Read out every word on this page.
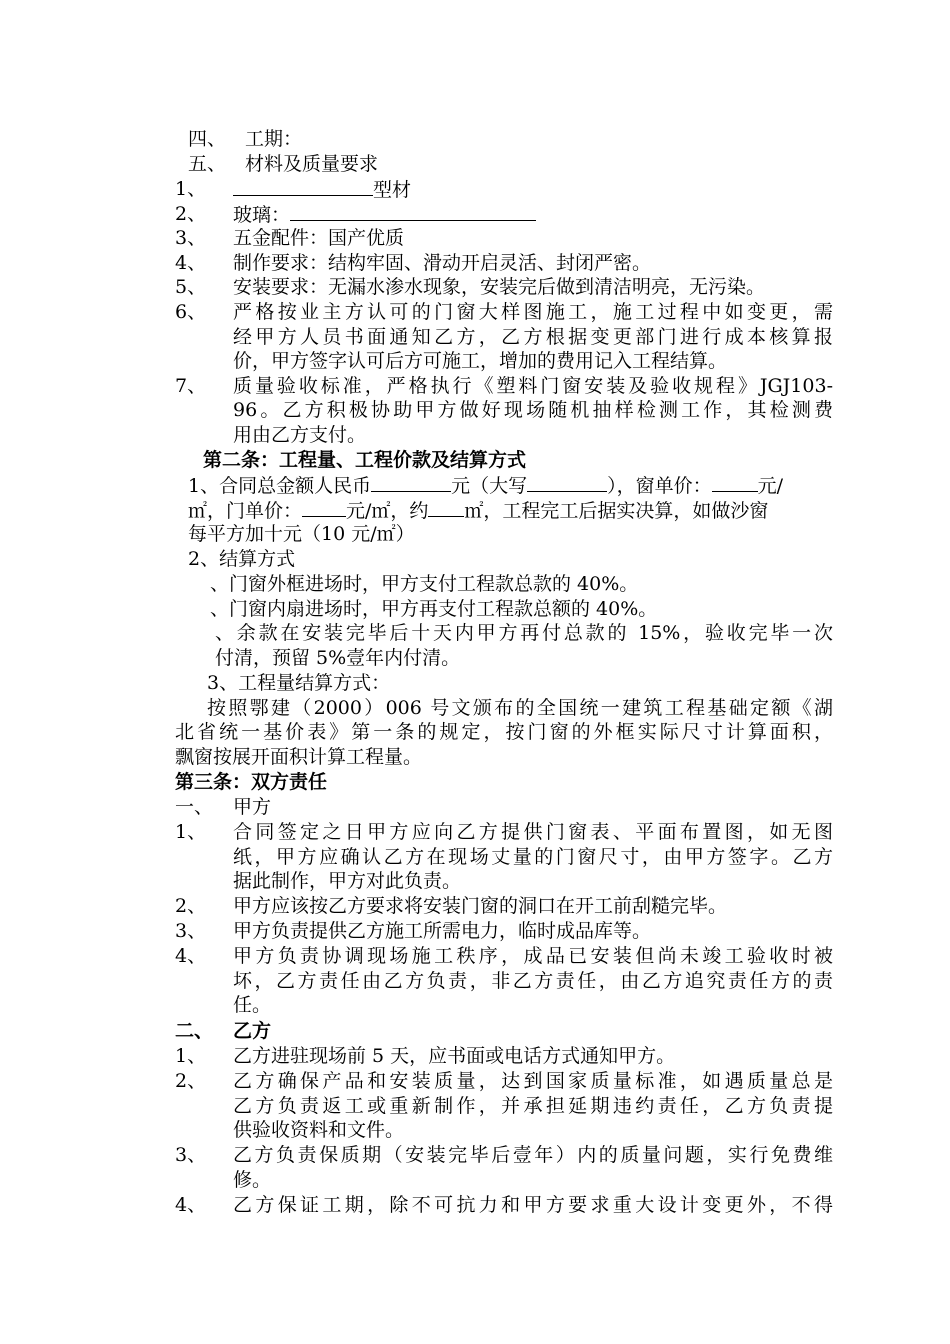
四、 工期：
五、 材料及质量要求
1、	型材
2、 玻璃：
3、 五金配件：国产优质
4、 制作要求：结构牢固、滑动开启灵活、封闭严密。
5、 安装要求：无漏水渗水现象，安装完后做到清洁明亮，无污染。
6、 严格按业主方认可的门窗大样图施工，施工过程中如变更，需
经甲方人员书面通知乙方，乙方根据变更部门进行成本核算报
价，甲方签字认可后方可施工，增加的费用记入工程结算。
7、 质量验收标准，严格执行《塑料门窗安装及验收规程》JGJ103-
96。乙方积极协助甲方做好现场随机抽样检测工作，其检测费
用由乙方支付。
第二条：工程量、工程价款及结算方式
1、合同总金额人民币	元（大写	），窗单价： 元/
㎡，门单价： 元/㎡，约 ㎡，工程完工后据实决算，如做沙窗
每平方加十元（10 元/㎡）
2、结算方式
、门窗外框进场时，甲方支付工程款总款的 40%。
、门窗内扇进场时，甲方再支付工程款总额的 40%。
、余款在安装完毕后十天内甲方再付总款的 15%，验收完毕一次
付清，预留 5%壹年内付清。
3、工程量结算方式：
按照鄂建（2000）006 号文颁布的全国统一建筑工程基础定额《湖
北省统一基价表》第一条的规定，按门窗的外框实际尺寸计算面积，
飘窗按展开面积计算工程量。
第三条：双方责任
一、 甲方
1、 合同签定之日甲方应向乙方提供门窗表、平面布置图，如无图
纸，甲方应确认乙方在现场丈量的门窗尺寸，由甲方签字。乙方
据此制作，甲方对此负责。
2、 甲方应该按乙方要求将安装门窗的洞口在开工前刮糙完毕。
3、 甲方负责提供乙方施工所需电力，临时成品库等。
4、 甲方负责协调现场施工秩序，成品已安装但尚未竣工验收时被
坏，乙方责任由乙方负责，非乙方责任，由乙方追究责任方的责
任。
二、 乙方
1、 乙方进驻现场前 5 天，应书面或电话方式通知甲方。
2、 乙方确保产品和安装质量，达到国家质量标准，如遇质量总是
乙方负责返工或重新制作，并承担延期违约责任，乙方负责提
供验收资料和文件。
3、 乙方负责保质期（安装完毕后壹年）内的质量问题，实行免费维
修。
4、 乙方保证工期，除不可抗力和甲方要求重大设计变更外，不得
